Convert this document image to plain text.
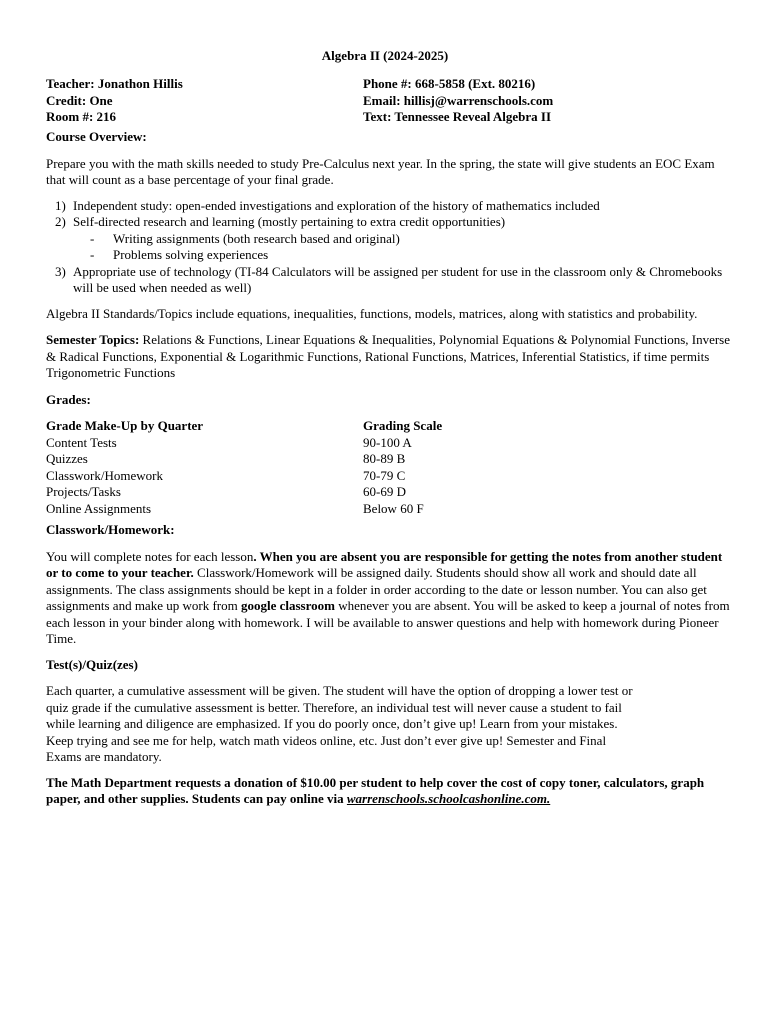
Algebra II (2024-2025)
Teacher: Jonathon Hillis
Credit: One
Room #: 216
Phone #: 668-5858 (Ext. 80216)
Email: hillisj@warrenschools.com
Text: Tennessee Reveal Algebra II

Course Overview:

Prepare you with the math skills needed to study Pre-Calculus next year. In the spring, the state will give students an EOC Exam that will count as a base percentage of your final grade.

1) Independent study: open-ended investigations and exploration of the history of mathematics included
2) Self-directed research and learning (mostly pertaining to extra credit opportunities)
- Writing assignments (both research based and original)
- Problems solving experiences
3) Appropriate use of technology (TI-84 Calculators will be assigned per student for use in the classroom only & Chromebooks will be used when needed as well)

Algebra II Standards/Topics include equations, inequalities, functions, models, matrices, along with statistics and probability.

Semester Topics: Relations & Functions, Linear Equations & Inequalities, Polynomial Equations & Polynomial Functions, Inverse & Radical Functions, Exponential & Logarithmic Functions, Rational Functions, Matrices, Inferential Statistics, if time permits Trigonometric Functions

Grades:

Grade Make-Up by Quarter
Content Tests
Quizzes
Classwork/Homework
Projects/Tasks
Online Assignments
Grading Scale
90-100 A
80-89 B
70-79 C
60-69 D
Below 60 F

Classwork/Homework:

You will complete notes for each lesson. When you are absent you are responsible for getting the notes from another student or to come to your teacher. Classwork/Homework will be assigned daily. Students should show all work and should date all assignments. The class assignments should be kept in a folder in order according to the date or lesson number. You can also get assignments and make up work from google classroom whenever you are absent. You will be asked to keep a journal of notes from each lesson in your binder along with homework. I will be available to answer questions and help with homework during Pioneer Time.

Test(s)/Quiz(zes)

Each quarter, a cumulative assessment will be given. The student will have the option of dropping a lower test or quiz grade if the cumulative assessment is better. Therefore, an individual test will never cause a student to fail while learning and diligence are emphasized. If you do poorly once, don’t give up! Learn from your mistakes. Keep trying and see me for help, watch math videos online, etc. Just don’t ever give up! Semester and Final Exams are mandatory.

The Math Department requests a donation of $10.00 per student to help cover the cost of copy toner, calculators, graph paper, and other supplies. Students can pay online via warrenschools.schoolcashonline.com.
